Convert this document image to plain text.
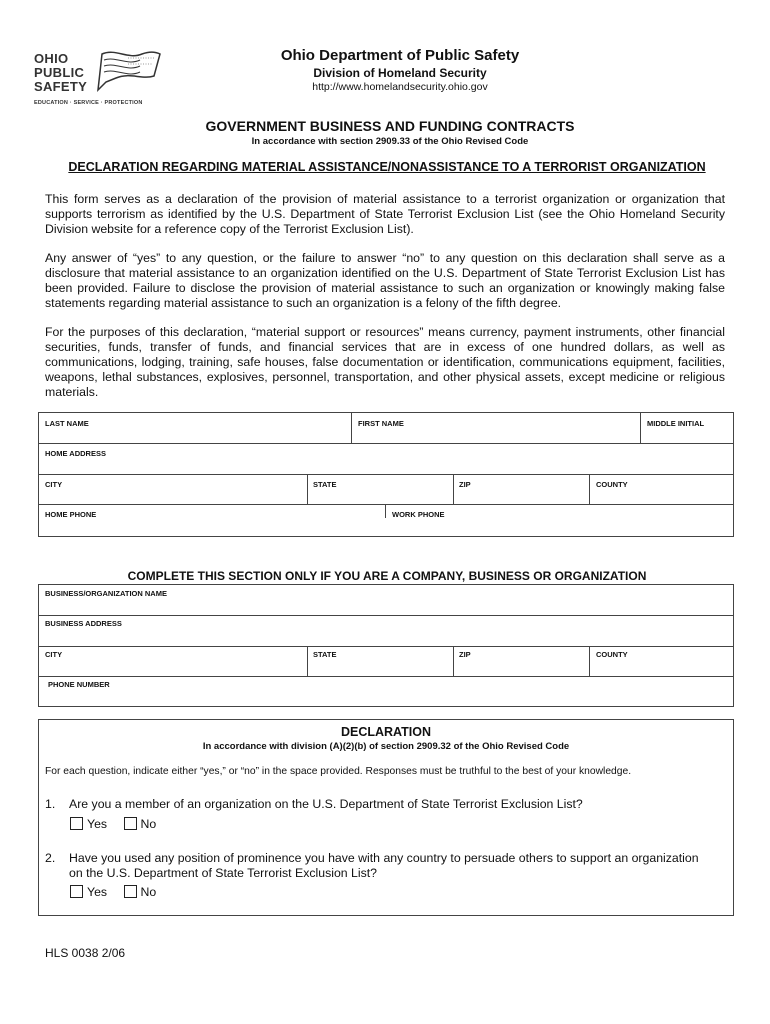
OHIO
PUBLIC
SAFETY
EDUCATION · SERVICE · PROTECTION
Ohio Department of Public Safety
Division of Homeland Security
http://www.homelandsecurity.ohio.gov
GOVERNMENT BUSINESS AND FUNDING CONTRACTS
In accordance with section 2909.33 of the Ohio Revised Code
DECLARATION REGARDING MATERIAL ASSISTANCE/NONASSISTANCE TO A TERRORIST ORGANIZATION
This form serves as a declaration of the provision of material assistance to a terrorist organization or organization that supports terrorism as identified by the U.S. Department of State Terrorist Exclusion List (see the Ohio Homeland Security Division website for a reference copy of the Terrorist Exclusion List).
Any answer of “yes” to any question, or the failure to answer “no” to any question on this declaration shall serve as a disclosure that material assistance to an organization identified on the U.S. Department of State Terrorist Exclusion List has been provided. Failure to disclose the provision of material assistance to such an organization or knowingly making false statements regarding material assistance to such an organization is a felony of the fifth degree.
For the purposes of this declaration, “material support or resources” means currency, payment instruments, other financial securities, funds, transfer of funds, and financial services that are in excess of one hundred dollars, as well as communications, lodging, training, safe houses, false documentation or identification, communications equipment, facilities, weapons, lethal substances, explosives, personnel, transportation, and other physical assets, except medicine or religious materials.
LAST NAME	FIRST NAME	MIDDLE INITIAL
HOME ADDRESS
CITY	STATE	ZIP	COUNTY
HOME PHONE	WORK PHONE
COMPLETE THIS SECTION ONLY IF YOU ARE A COMPANY, BUSINESS OR ORGANIZATION
BUSINESS/ORGANIZATION NAME
BUSINESS ADDRESS
CITY	STATE	ZIP	COUNTY
PHONE NUMBER
DECLARATION
In accordance with division (A)(2)(b) of section 2909.32 of the Ohio Revised Code
For each question, indicate either “yes,” or “no” in the space provided. Responses must be truthful to the best of your knowledge.
1. Are you a member of an organization on the U.S. Department of State Terrorist Exclusion List?
Yes	No
2. Have you used any position of prominence you have with any country to persuade others to support an organization
on the U.S. Department of State Terrorist Exclusion List?
Yes	No
HLS 0038 2/06
